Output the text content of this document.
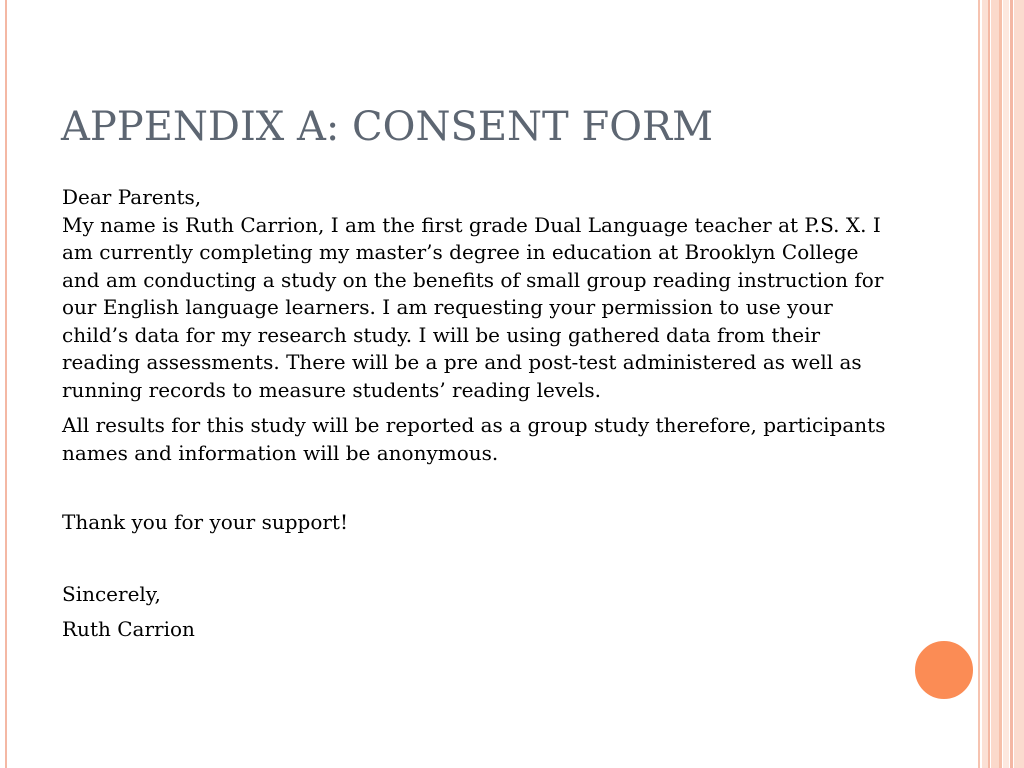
APPENDIX A: CONSENT FORM

Dear Parents,

My name is Ruth Carrion, I am the first grade Dual Language teacher at P.S. X. I am currently completing my master’s degree in education at Brooklyn College and am conducting a study on the benefits of small group reading instruction for our English language learners. I am requesting your permission to use your child’s data for my research study. I will be using gathered data from their reading assessments. There will be a pre and post-test administered as well as running records to measure students’ reading levels.

All results for this study will be reported as a group study therefore, participants names and information will be anonymous.

Thank you for your support!

Sincerely,

Ruth Carrion
